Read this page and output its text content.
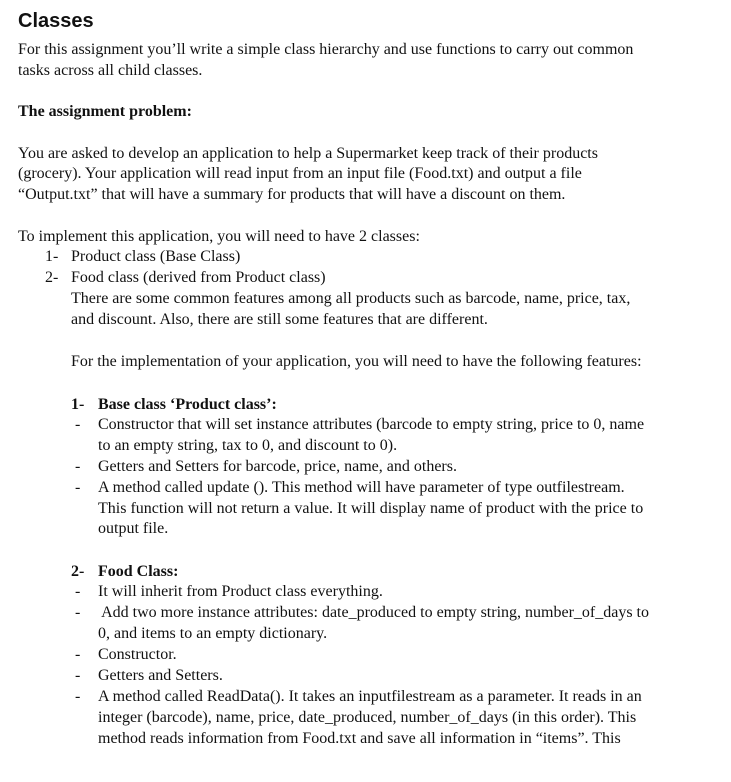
Classes
For this assignment you’ll write a simple class hierarchy and use functions to carry out common
tasks across all child classes.
The assignment problem:
You are asked to develop an application to help a Supermarket keep track of their products
(grocery). Your application will read input from an input file (Food.txt) and output a file
“Output.txt” that will have a summary for products that will have a discount on them.
To implement this application, you will need to have 2 classes:
1- Product class (Base Class)
2- Food class (derived from Product class)
There are some common features among all products such as barcode, name, price, tax,
and discount. Also, there are still some features that are different.
For the implementation of your application, you will need to have the following features:
1- Base class ‘Product class’:
- Constructor that will set instance attributes (barcode to empty string, price to 0, name
to an empty string, tax to 0, and discount to 0).
- Getters and Setters for barcode, price, name, and others.
- A method called update (). This method will have parameter of type outfilestream.
This function will not return a value. It will display name of product with the price to
output file.
2- Food Class:
- It will inherit from Product class everything.
- Add two more instance attributes: date_produced to empty string, number_of_days to
0, and items to an empty dictionary.
- Constructor.
- Getters and Setters.
- A method called ReadData(). It takes an inputfilestream as a parameter. It reads in an
integer (barcode), name, price, date_produced, number_of_days (in this order). This
method reads information from Food.txt and save all information in “items”. This
